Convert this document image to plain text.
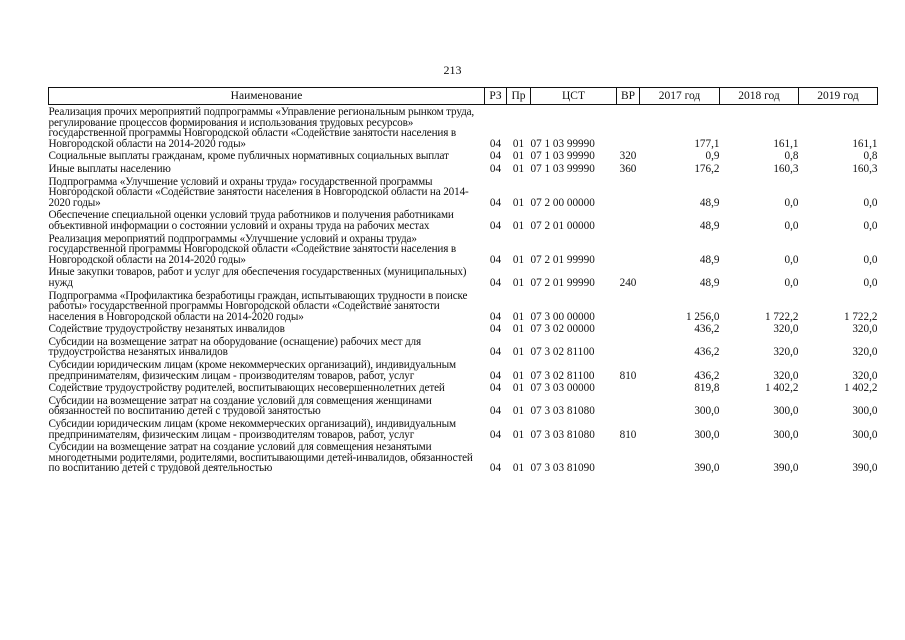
213
Наименование	РЗ	Пр	ЦСТ	ВР	2017 год	2018 год	2019 год
Реализация прочих мероприятий подпрограммы «Управление региональным рынком труда, регулирование процессов формирования и использования трудовых ресурсов» государственной программы Новгородской области «Содействие занятости населения в Новгородской области на 2014-2020 годы»	04	01	07 1 03 99990		177,1	161,1	161,1
Социальные выплаты гражданам, кроме публичных нормативных социальных выплат	04	01	07 1 03 99990	320	0,9	0,8	0,8
Иные выплаты населению	04	01	07 1 03 99990	360	176,2	160,3	160,3
Подпрограмма «Улучшение условий и охраны труда» государственной программы Новгородской области «Содействие занятости населения в Новгородской области на 2014-2020 годы»	04	01	07 2 00 00000		48,9	0,0	0,0
Обеспечение специальной оценки условий труда работников и получения работниками объективной информации о состоянии условий и охраны труда на рабочих местах	04	01	07 2 01 00000		48,9	0,0	0,0
Реализация мероприятий подпрограммы «Улучшение условий и охраны труда» государственной программы Новгородской области «Содействие занятости населения в Новгородской области на 2014-2020 годы»	04	01	07 2 01 99990		48,9	0,0	0,0
Иные закупки товаров, работ и услуг для обеспечения государственных (муниципальных) нужд	04	01	07 2 01 99990	240	48,9	0,0	0,0
Подпрограмма «Профилактика безработицы граждан, испытывающих трудности в поиске работы» государственной программы Новгородской области «Содействие занятости населения в Новгородской области на 2014-2020 годы»	04	01	07 3 00 00000		1 256,0	1 722,2	1 722,2
Содействие трудоустройству незанятых инвалидов	04	01	07 3 02 00000		436,2	320,0	320,0
Субсидии на возмещение затрат на оборудование (оснащение) рабочих мест для трудоустройства незанятых инвалидов	04	01	07 3 02 81100		436,2	320,0	320,0
Субсидии юридическим лицам (кроме некоммерческих организаций), индивидуальным предпринимателям, физическим лицам - производителям товаров, работ, услуг	04	01	07 3 02 81100	810	436,2	320,0	320,0
Содействие трудоустройству родителей, воспитывающих несовершеннолетних детей	04	01	07 3 03 00000		819,8	1 402,2	1 402,2
Субсидии на возмещение затрат на создание условий для совмещения женщинами обязанностей по воспитанию детей с трудовой занятостью	04	01	07 3 03 81080		300,0	300,0	300,0
Субсидии юридическим лицам (кроме некоммерческих организаций), индивидуальным предпринимателям, физическим лицам - производителям товаров, работ, услуг	04	01	07 3 03 81080	810	300,0	300,0	300,0
Субсидии на возмещение затрат на создание условий для совмещения незанятыми многодетными родителями, родителями, воспитывающими детей-инвалидов, обязанностей по воспитанию детей с трудовой деятельностью	04	01	07 3 03 81090		390,0	390,0	390,0
